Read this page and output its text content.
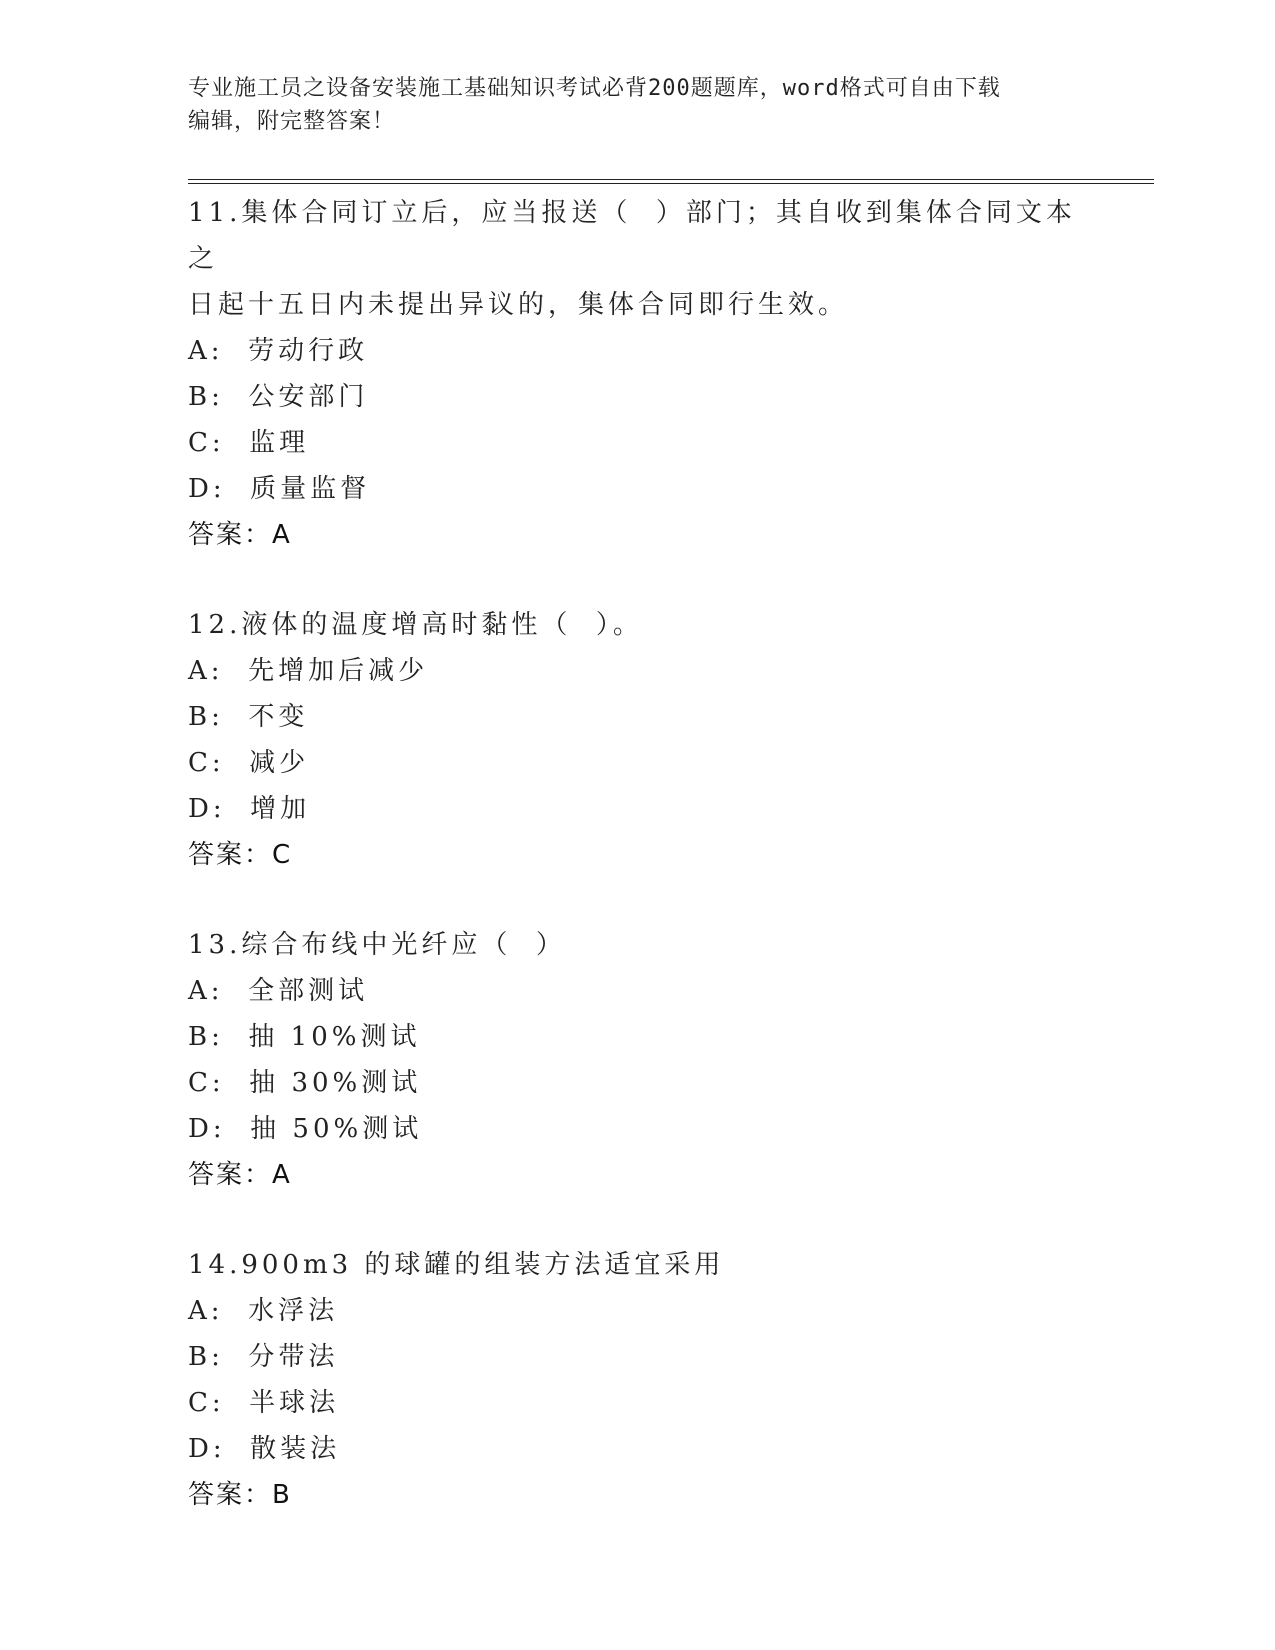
专业施工员之设备安装施工基础知识考试必背200题题库，word格式可自由下载
编辑，附完整答案！
11.集体合同订立后，应当报送（  ）部门；其自收到集体合同文本之
日起十五日内未提出异议的，集体合同即行生效。
A:  劳动行政
B:  公安部门
C:  监理
D:  质量监督
答案：A
12.液体的温度增高时黏性（  ）。
A:  先增加后减少
B:  不变
C:  减少
D:  增加
答案：C
13.综合布线中光纤应（  ）
A:  全部测试
B:  抽 10%测试
C:  抽 30%测试
D:  抽 50%测试
答案：A
14.900m3 的球罐的组装方法适宜采用
A:  水浮法
B:  分带法
C:  半球法
D:  散装法
答案：B
